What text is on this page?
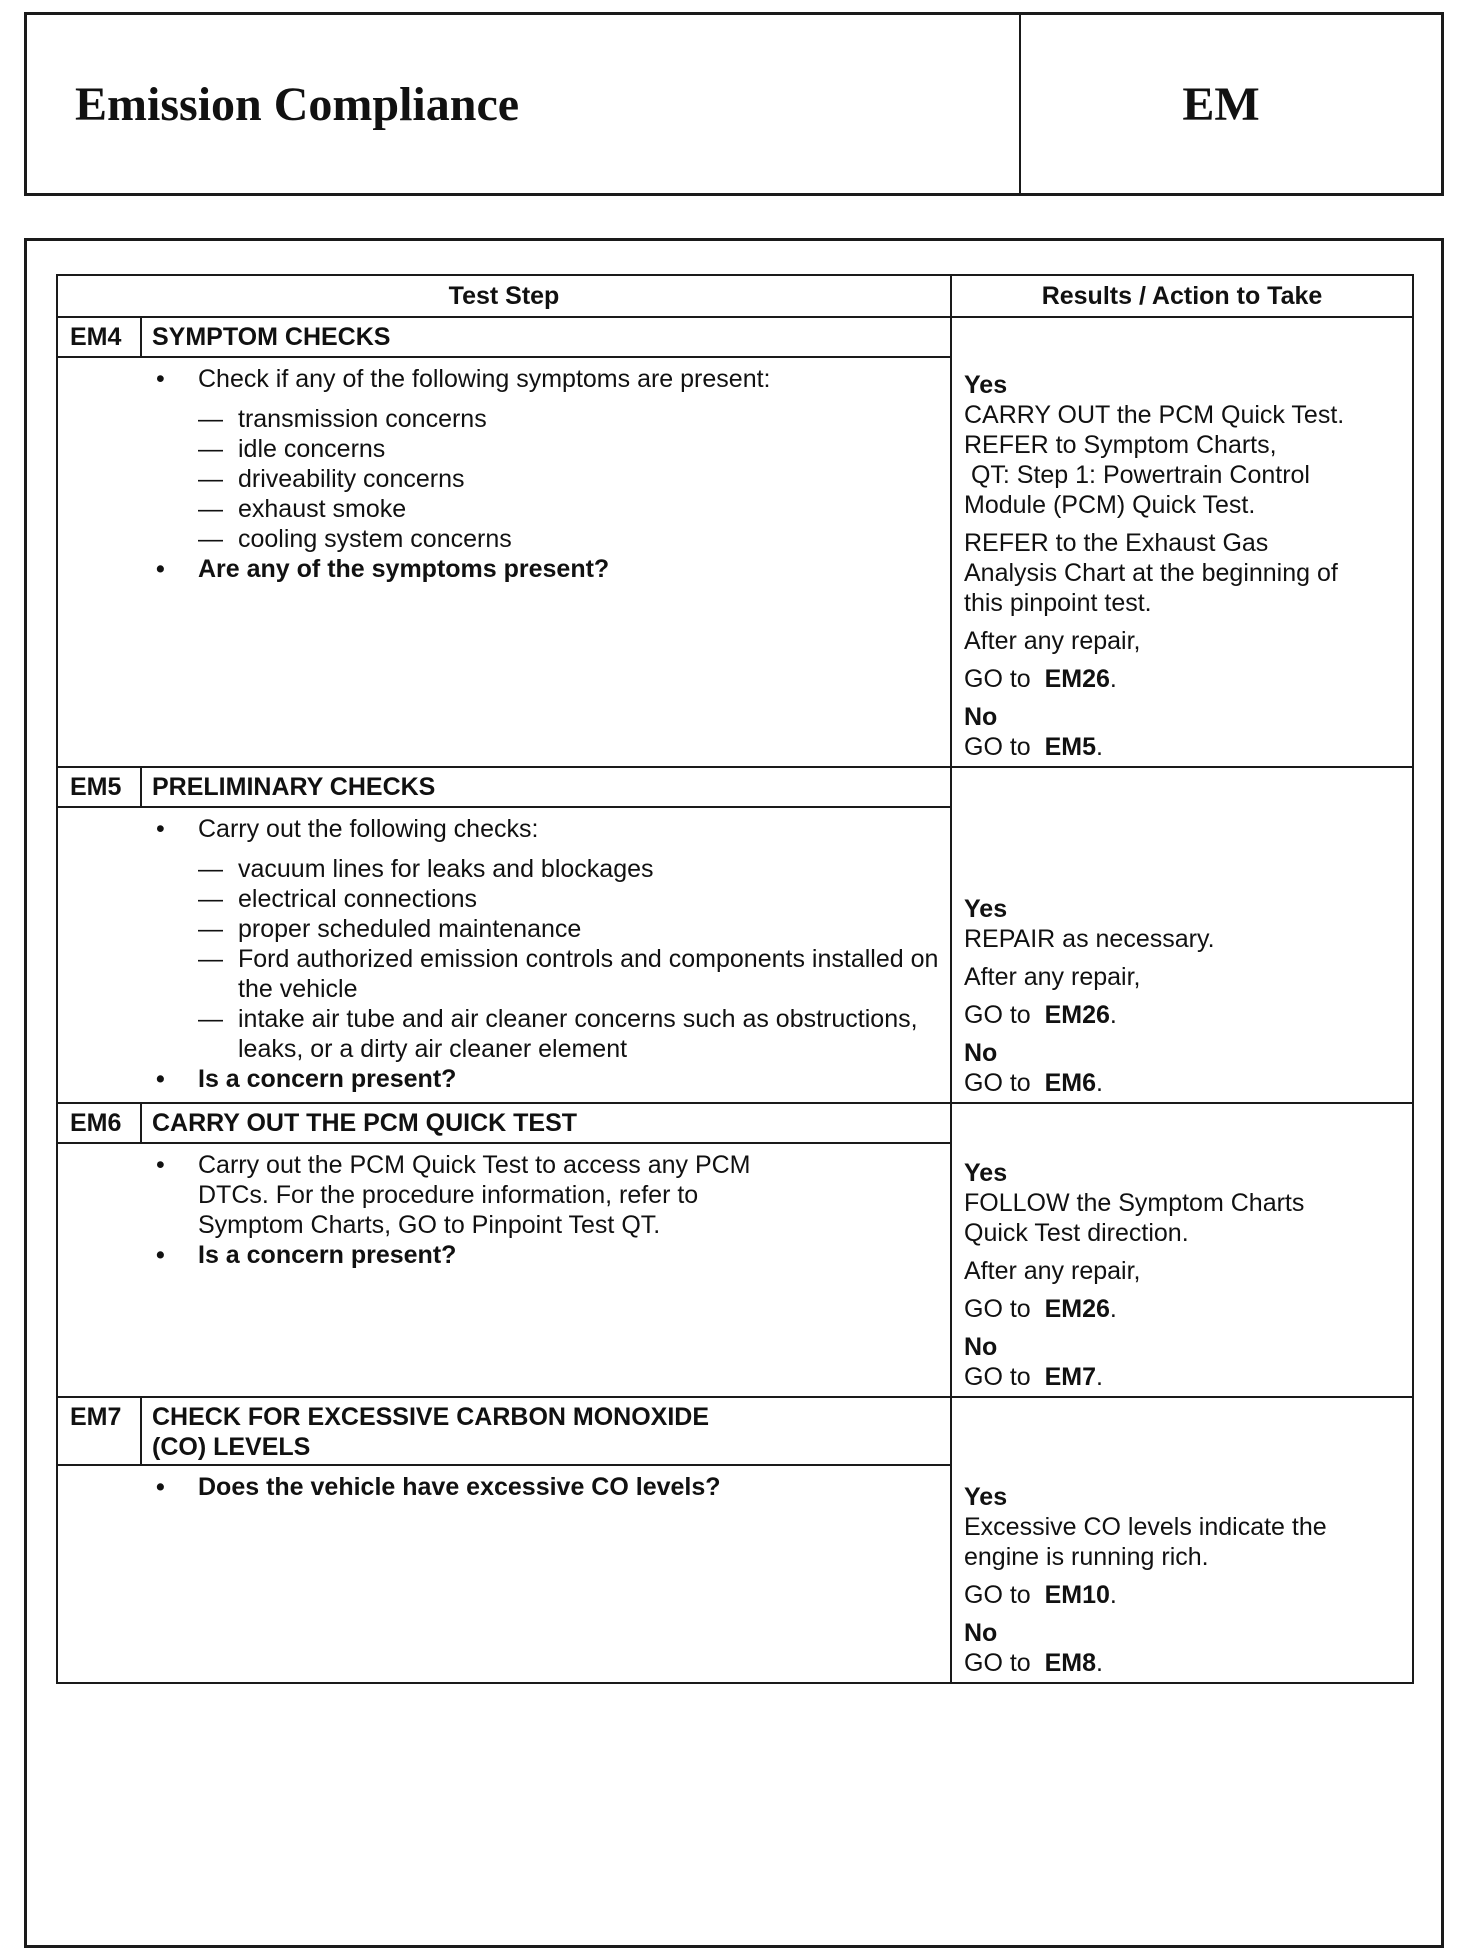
Emission Compliance	EM
Test Step	Results / Action to Take
EM4	SYMPTOM CHECKS
• Check if any of the following symptoms are present:
— transmission concerns
— idle concerns
— driveability concerns
— exhaust smoke
— cooling system concerns
• Are any of the symptoms present?
Yes
CARRY OUT the PCM Quick Test.
REFER to Symptom Charts,
QT: Step 1: Powertrain Control
Module (PCM) Quick Test.
REFER to the Exhaust Gas
Analysis Chart at the beginning of
this pinpoint test.
After any repair,
GO to EM26.
No
GO to EM5.
EM5	PRELIMINARY CHECKS
• Carry out the following checks:
— vacuum lines for leaks and blockages
— electrical connections
— proper scheduled maintenance
— Ford authorized emission controls and components installed on the vehicle
— intake air tube and air cleaner concerns such as obstructions, leaks, or a dirty air cleaner element
• Is a concern present?
Yes
REPAIR as necessary.
After any repair,
GO to EM26.
No
GO to EM6.
EM6	CARRY OUT THE PCM QUICK TEST
• Carry out the PCM Quick Test to access any PCM DTCs. For the procedure information, refer to Symptom Charts, GO to Pinpoint Test QT.
• Is a concern present?
Yes
FOLLOW the Symptom Charts Quick Test direction.
After any repair,
GO to EM26.
No
GO to EM7.
EM7	CHECK FOR EXCESSIVE CARBON MONOXIDE (CO) LEVELS
• Does the vehicle have excessive CO levels?	Yes
Excessive CO levels indicate the engine is running rich.
GO to EM10.
No
GO to EM8.
